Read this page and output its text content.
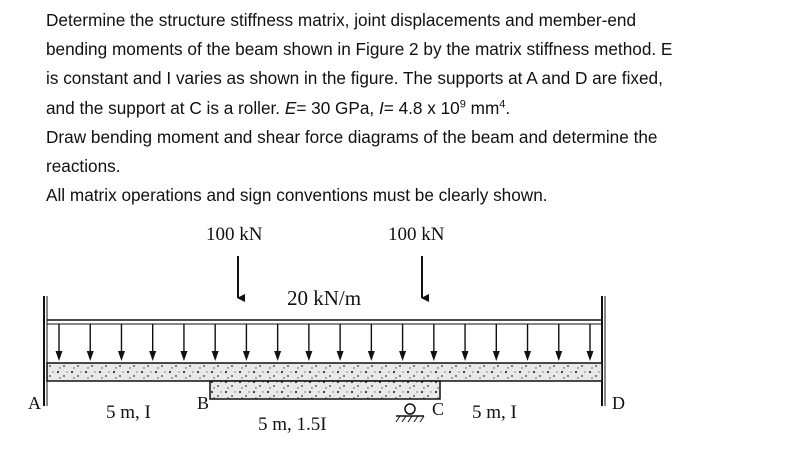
Determine the structure stiffness matrix, joint displacements and member-end

bending moments of the beam shown in Figure 2 by the matrix stiffness method. E

is constant and I varies as shown in the figure. The supports at A and D are fixed,

and the support at C is a roller. E= 30 GPa, I= 4.8 x $10^9$ $mm^4$.

Draw bending moment and shear force diagrams of the beam and determine the

reactions.

All matrix operations and sign conventions must be clearly shown.

100 kN	100 kN
20 kN/m
A	B	C	D
5 m, I
5 m, 1.5I
5 m, I
